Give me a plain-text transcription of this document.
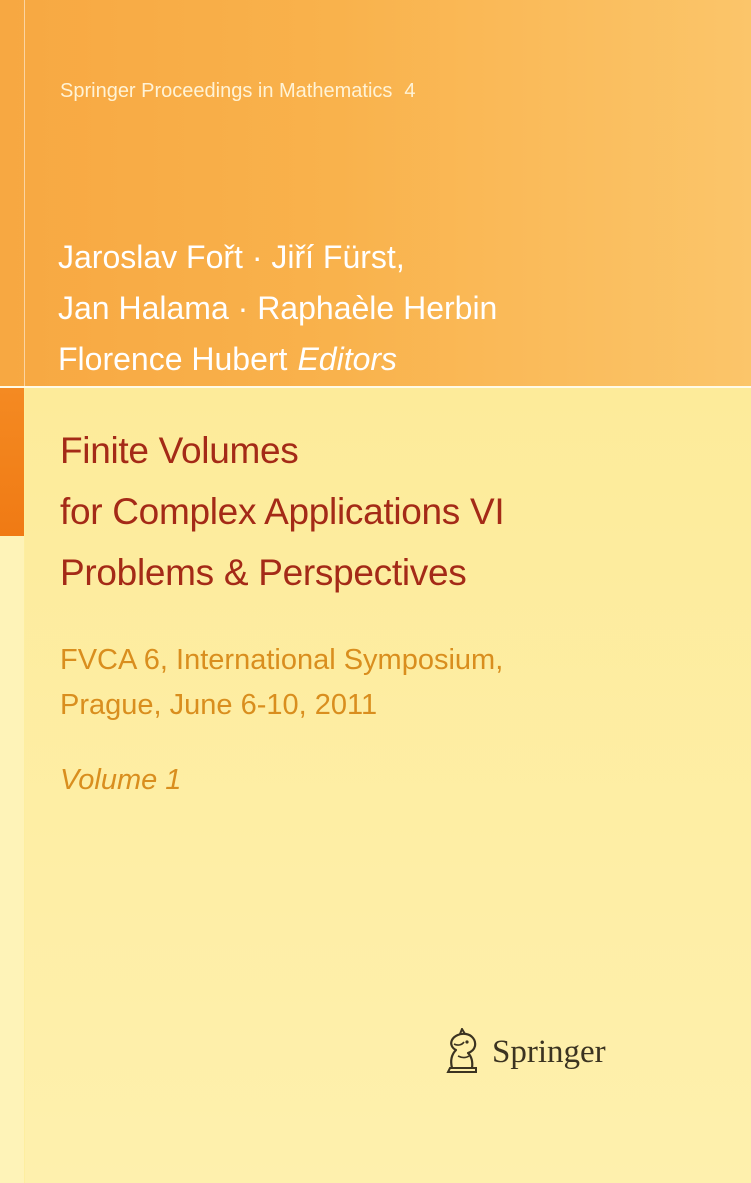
Springer Proceedings in Mathematics 4

Jaroslav Fořt · Jiří Fürst,
Jan Halama · Raphaèle Herbin
Florence Hubert Editors
Finite Volumes
for Complex Applications VI
Problems & Perspectives
FVCA 6, International Symposium,
Prague, June 6-10, 2011
Volume 1
Springer
